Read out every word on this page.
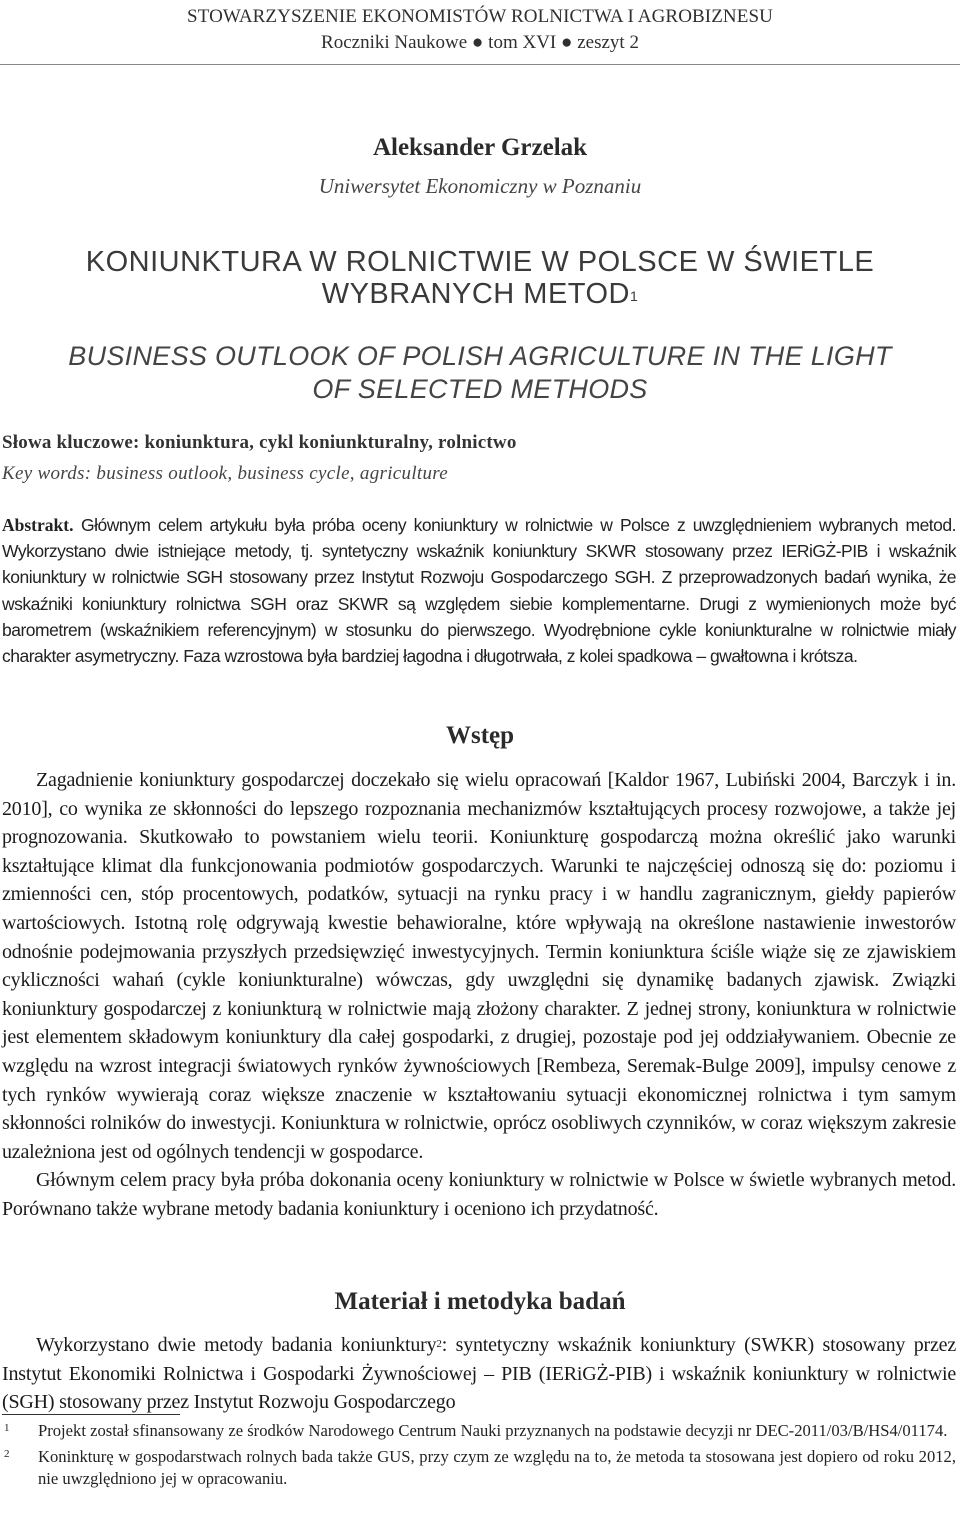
STOWARZYSZENIE EKONOMISTÓW ROLNICTWA I AGROBIZNESU
Roczniki Naukowe ● tom XVI ● zeszyt 2
Aleksander Grzelak
Uniwersytet Ekonomiczny w Poznaniu
KONIUNKTURA W ROLNICTWIE W POLSCE W ŚWIETLE
WYBRANYCH METOD$^1$
BUSINESS OUTLOOK OF POLISH AGRICULTURE IN THE LIGHT
OF SELECTED METHODS
Słowa kluczowe: koniunktura, cykl koniunkturalny, rolnictwo
Key words: business outlook, business cycle, agriculture
Abstrakt. Głównym celem artykułu była próba oceny koniunktury w rolnictwie w Polsce z uwzględnieniem wybranych metod. Wykorzystano dwie istniejące metody, tj. syntetyczny wskaźnik koniunktury SKWR stosowany przez IERiGŻ-PIB i wskaźnik koniunktury w rolnictwie SGH stosowany przez Instytut Rozwoju Gospodarczego SGH. Z przeprowadzonych badań wynika, że wskaźniki koniunktury rolnictwa SGH oraz SKWR są względem siebie komplementarne. Drugi z wymienionych może być barometrem (wskaźnikiem referencyjnym) w stosunku do pierwszego. Wyodrębnione cykle koniunkturalne w rolnictwie miały charakter asymetryczny. Faza wzrostowa była bardziej łagodna i długotrwała, z kolei spadkowa – gwałtowna i krótsza.
Wstęp

Zagadnienie koniunktury gospodarczej doczekało się wielu opracowań [Kaldor 1967, Lubiński 2004, Barczyk i in. 2010], co wynika ze skłonności do lepszego rozpoznania mechanizmów kształtujących procesy rozwojowe, a także jej prognozowania. Skutkowało to powstaniem wielu teorii. Koniunkturę gospodarczą można określić jako warunki kształtujące klimat dla funkcjonowania podmiotów gospodarczych. Warunki te najczęściej odnoszą się do: poziomu i zmienności cen, stóp procentowych, podatków, sytuacji na rynku pracy i w handlu zagranicznym, giełdy papierów wartościowych. Istotną rolę odgrywają kwestie behawioralne, które wpływają na określone nastawienie inwestorów odnośnie podejmowania przyszłych przedsięwzięć inwestycyjnych. Termin koniunktura ściśle wiąże się ze zjawiskiem cykliczności wahań (cykle koniunkturalne) wówczas, gdy uwzględni się dynamikę badanych zjawisk. Związki koniunktury gospodarczej z koniunkturą w rolnictwie mają złożony charakter. Z jednej strony, koniunktura w rolnictwie jest elementem składowym koniunktury dla całej gospodarki, z drugiej, pozostaje pod jej oddziaływaniem. Obecnie ze względu na wzrost integracji światowych rynków żywnościowych [Rembeza, Seremak-Bulge 2009], impulsy cenowe z tych rynków wywierają coraz większe znaczenie w kształtowaniu sytuacji ekonomicznej rolnictwa i tym samym skłonności rolników do inwestycji. Koniunktura w rolnictwie, oprócz osobliwych czynników, w coraz większym zakresie uzależniona jest od ogólnych tendencji w gospodarce.

Głównym celem pracy była próba dokonania oceny koniunktury w rolnictwie w Polsce w świetle wybranych metod. Porównano także wybrane metody badania koniunktury i oceniono ich przydatność.

Materiał i metodyka badań

Wykorzystano dwie metody badania koniunktury$^2$: syntetyczny wskaźnik koniunktury (SWKR) stosowany przez Instytut Ekonomiki Rolnictwa i Gospodarki Żywnościowej – PIB (IERiGŻ-PIB) i wskaźnik koniunktury w rolnictwie (SGH) stosowany przez Instytut Rozwoju Gospodarczego

1 Projekt został sfinansowany ze środków Narodowego Centrum Nauki przyznanych na podstawie decyzji nr DEC-2011/03/B/HS4/01174.
2 Koninkturę w gospodarstwach rolnych bada także GUS, przy czym ze względu na to, że metoda ta stosowana jest dopiero od roku 2012, nie uwzględniono jej w opracowaniu.
